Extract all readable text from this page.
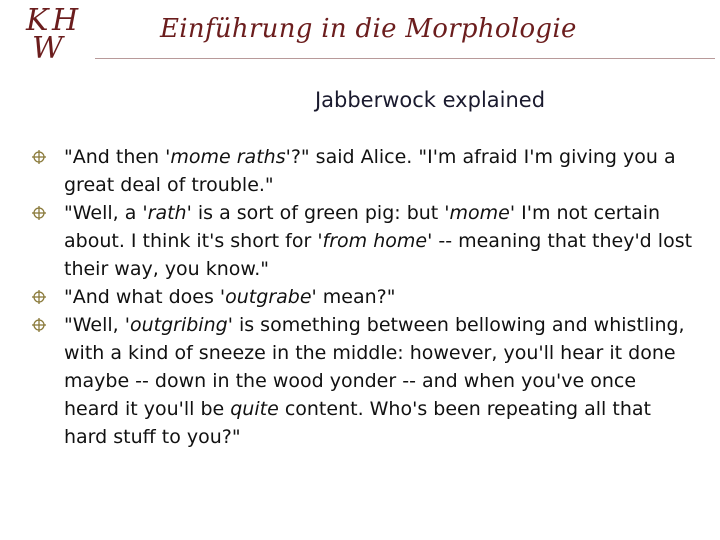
K H
W
Einführung in die Morphologie
Jabberwock explained
"And then 'mome raths'?" said Alice. "I'm afraid I'm giving you a great deal of trouble."
"Well, a 'rath' is a sort of green pig: but 'mome' I'm not certain about. I think it's short for 'from home' -- meaning that they'd lost their way, you know."
"And what does 'outgrabe' mean?"
"Well, 'outgribing' is something between bellowing and whistling, with a kind of sneeze in the middle: however, you'll hear it done maybe -- down in the wood yonder -- and when you've once heard it you'll be quite content. Who's been repeating all that hard stuff to you?"
